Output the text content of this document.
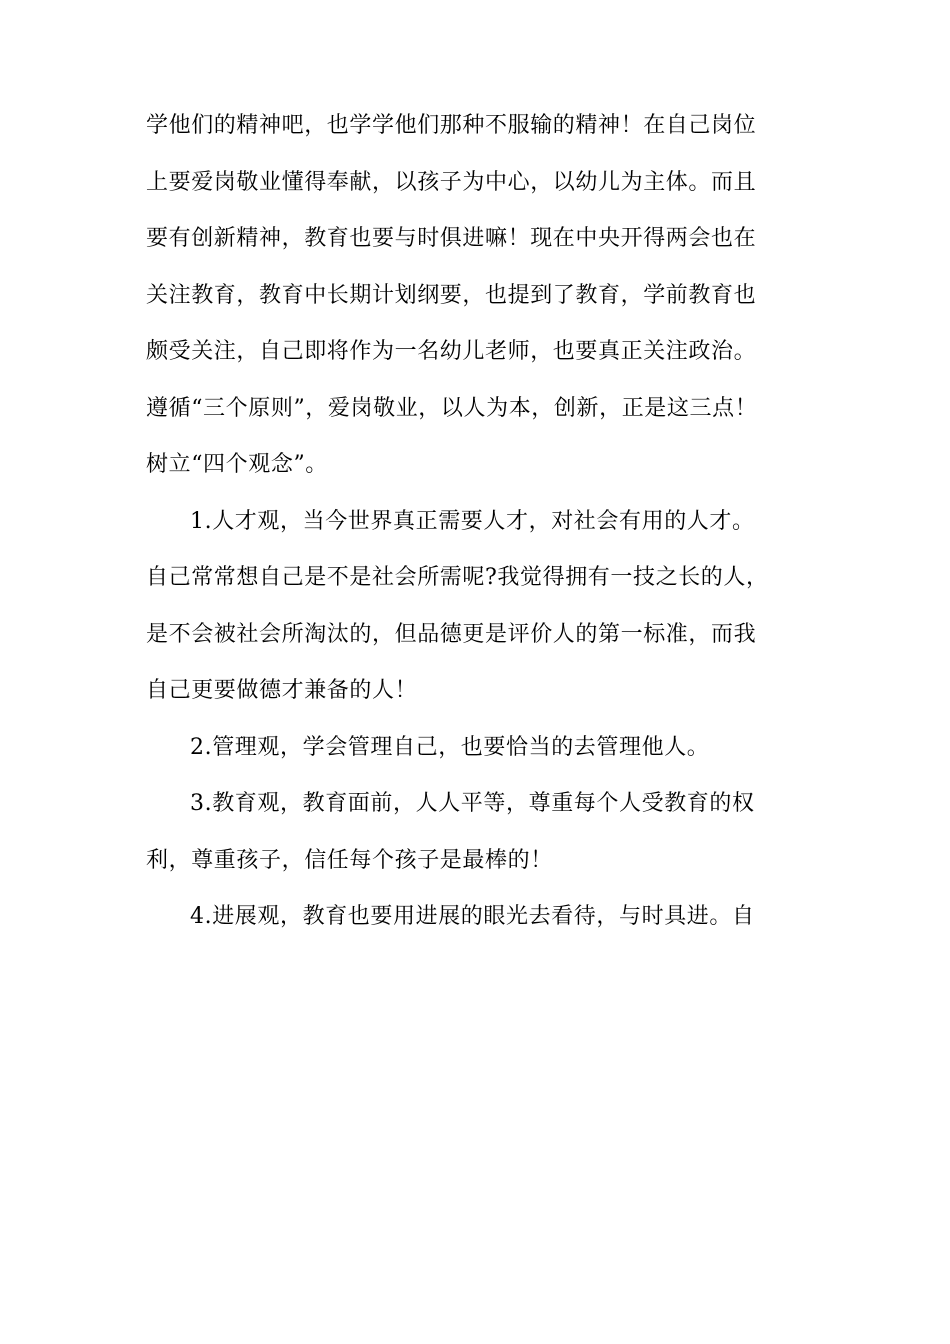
学他们的精神吧，也学学他们那种不服输的精神！在自己岗位
上要爱岗敬业懂得奉献，以孩子为中心，以幼儿为主体。而且
要有创新精神，教育也要与时俱进嘛！现在中央开得两会也在
关注教育，教育中长期计划纲要，也提到了教育，学前教育也
颇受关注，自己即将作为一名幼儿老师，也要真正关注政治。
遵循“三个原则”，爱岗敬业，以人为本，创新，正是这三点！
树立“四个观念”。
1.人才观，当今世界真正需要人才，对社会有用的人才。
自己常常想自己是不是社会所需呢?我觉得拥有一技之长的人，
是不会被社会所淘汰的，但品德更是评价人的第一标准，而我
自己更要做德才兼备的人！
2.管理观，学会管理自己，也要恰当的去管理他人。
3.教育观，教育面前，人人平等，尊重每个人受教育的权
利，尊重孩子，信任每个孩子是最棒的！
4.进展观，教育也要用进展的眼光去看待，与时具进。自
